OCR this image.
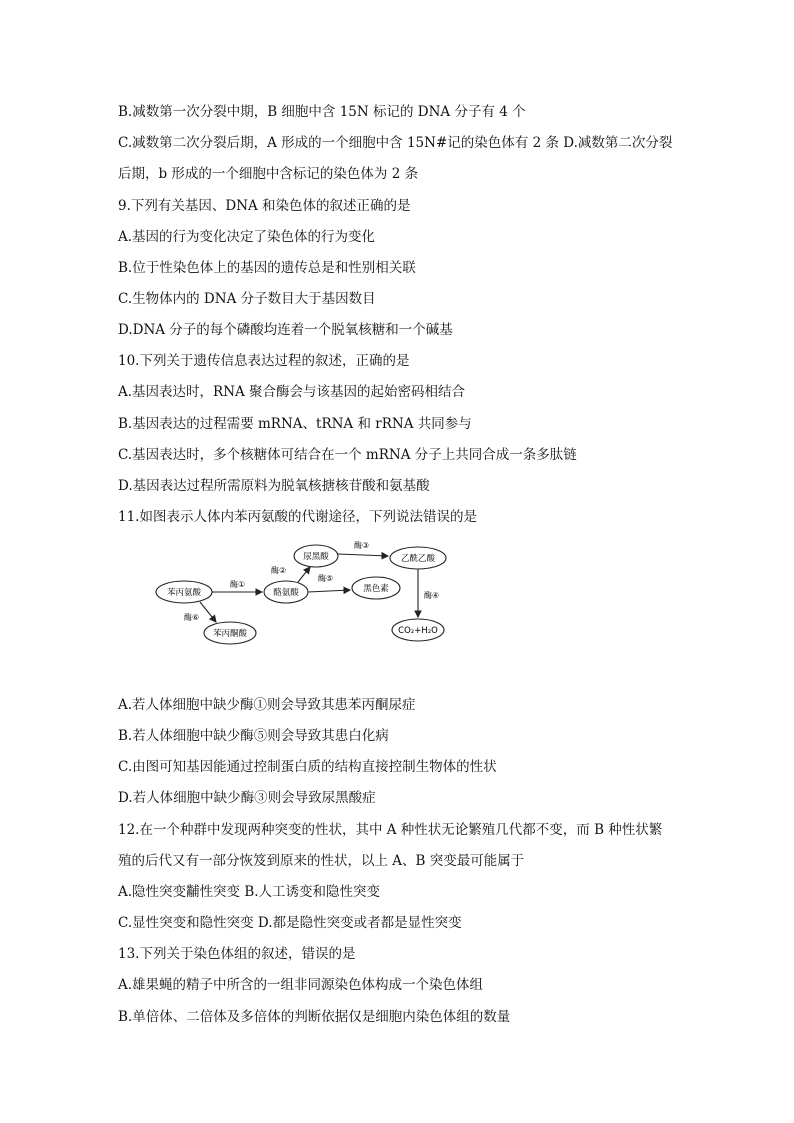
B.减数第一次分裂中期，B 细胞中含 15N 标记的 DNA 分子有 4 个
C.减数第二次分裂后期，A 形成的一个细胞中含 15N#记的染色体有 2 条 D.减数第二次分裂
后期，b 形成的一个细胞中含标记的染色体为 2 条
9.下列有关基因、DNA 和染色体的叙述正确的是
A.基因的行为变化决定了染色体的行为变化
B.位于性染色体上的基因的遗传总是和性别相关联
C.生物体内的 DNA 分子数目大于基因数目
D.DNA 分子的每个磷酸均连着一个脱氧核糖和一个碱基
10.下列关于遗传信息表达过程的叙述，正确的是
A.基因表达时，RNA 聚合酶会与该基因的起始密码相结合
B.基因表达的过程需要 mRNA、tRNA 和 rRNA 共同参与
C.基因表达时，多个核糖体可结合在一个 mRNA 分子上共同合成一条多肽链
D.基因表达过程所需原料为脱氧核搪核苷酸和氨基酸
11.如图表示人体内苯丙氨酸的代谢途径，下列说法错误的是
苯丙氨酸	酪氨酸
尿黑酸
黑色素
乙酰乙酸
CO₂+H₂O
苯丙酮酸
酶①
酶②
酶③
酶④
酶⑤
酶⑥
A.若人体细胞中缺少酶①则会导致其患苯丙酮尿症
B.若人体细胞中缺少酶⑤则会导致其患白化病
C.由图可知基因能通过控制蛋白质的结构直接控制生物体的性状
D.若人体细胞中缺少酶③则会导致尿黑酸症
12.在一个种群中发现两种突变的性状，其中 A 种性状无论繁殖几代都不变，而 B 种性状繁
殖的后代又有一部分恢笈到原来的性状，以上 A、B 突变最可能属于
A.隐性突变黼性突变 B.人工诱变和隐性突变
C.显性突变和隐性突变 D.都是隐性突变或者都是显性突变
13.下列关于染色体组的叙述，错误的是
A.雄果蝇的精子中所含的一组非同源染色体构成一个染色体组
B.单倍体、二倍体及多倍体的判断依据仅是细胞内染色体组的数量
